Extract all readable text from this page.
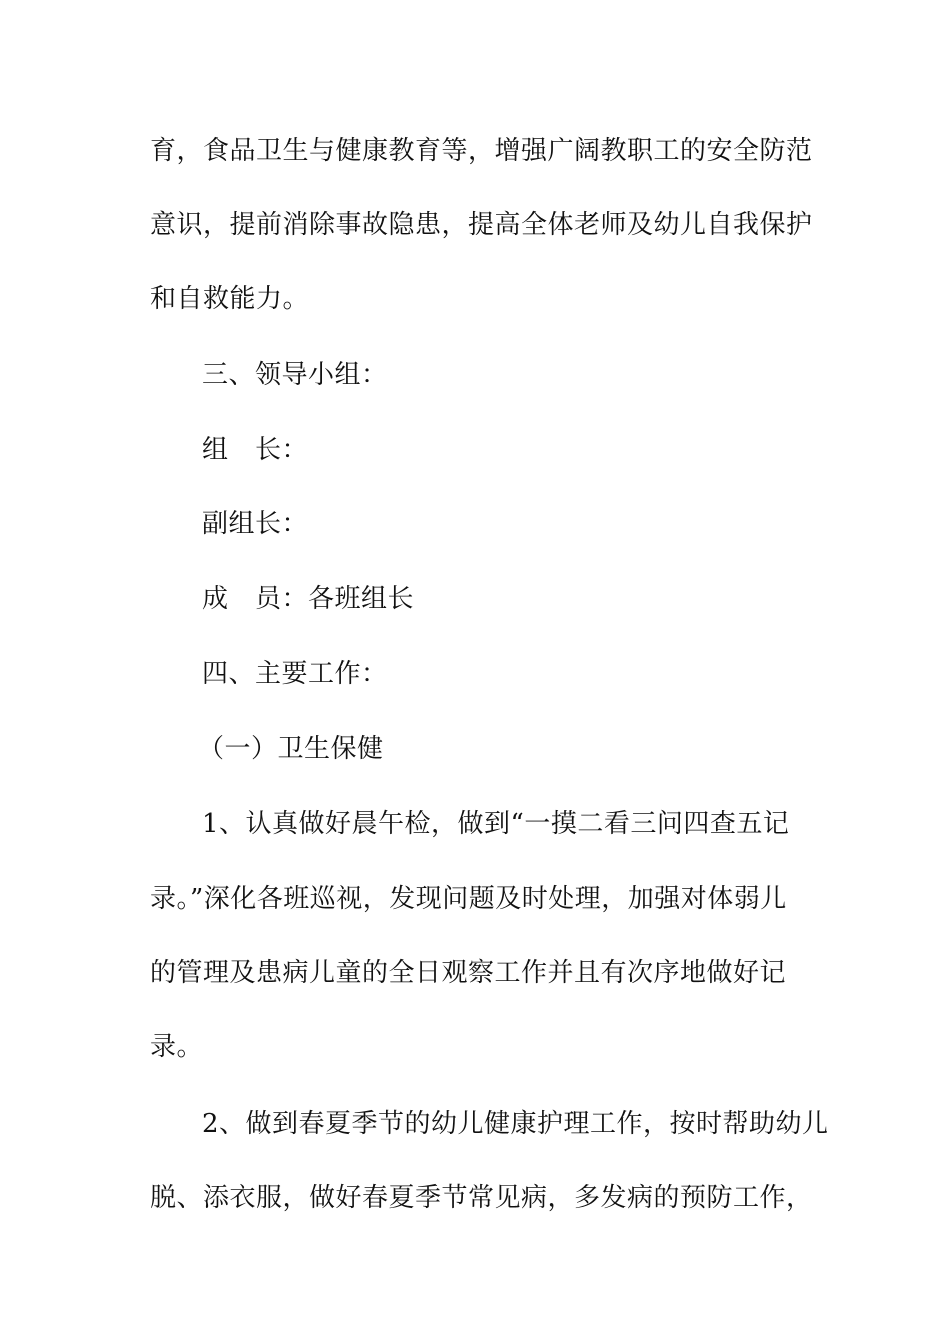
育，食品卫生与健康教育等，增强广阔教职工的安全防范
意识，提前消除事故隐患，提高全体老师及幼儿自我保护
和自救能力。
三、领导小组：
组　长：
副组长：
成　员：各班组长
四、主要工作：
（一）卫生保健
1、认真做好晨午检，做到“一摸二看三问四查五记
录。”深化各班巡视，发现问题及时处理，加强对体弱儿
的管理及患病儿童的全日观察工作并且有次序地做好记
录。
2、做到春夏季节的幼儿健康护理工作，按时帮助幼儿
脱、添衣服，做好春夏季节常见病，多发病的预防工作，
